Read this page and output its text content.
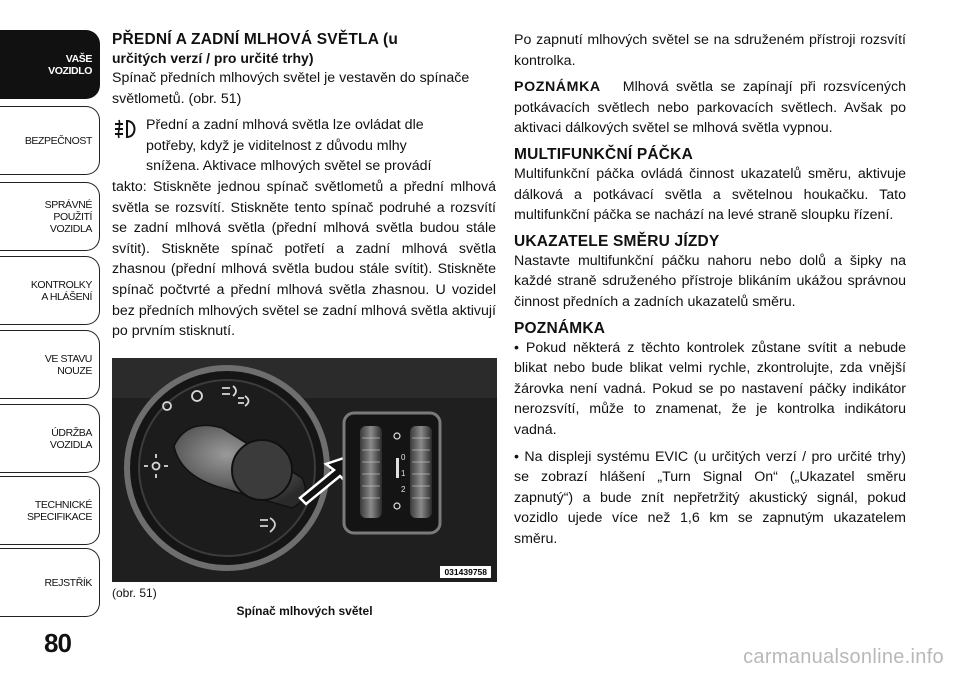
VAŠE
VOZIDLO
BEZPEČNOST
SPRÁVNÉ
POUŽITÍ
VOZIDLA
KONTROLKY
A HLÁŠENÍ
VE STAVU
NOUZE
ÚDRŽBA
VOZIDLA
TECHNICKÉ
SPECIFIKACE
REJSTŘÍK
80
PŘEDNÍ A ZADNÍ MLHOVÁ SVĚTLA (u
určitých verzí / pro určité trhy)

Spínač předních mlhových světel je vestavěn do spínače světlometů. (obr. 51)

Přední a zadní mlhová světla lze ovládat dle

potřeby, když je viditelnost z důvodu mlhy

snížena. Aktivace mlhových světel se provádí

takto: Stiskněte jednou spínač světlometů a přední mlhová světla se rozsvítí. Stiskněte tento spínač podruhé a rozsvítí se zadní mlhová světla (přední mlhová světla budou stále svítit). Stiskněte spínač potřetí a zadní mlhová světla zhasnou (přední mlhová světla budou stále svítit). Stiskněte spínač počtvrté a přední mlhová světla zhasnou. U vozidel bez předních mlhových světel se zadní mlhová světla aktivují po prvním stisknutí.

0
1
2
031439758
(obr. 51)
Spínač mlhových světel

Po zapnutí mlhových světel se na sdruženém přístroji rozsvítí kontrolka.

POZNÁMKA Mlhová světla se zapínají při rozsvícených potkávacích světlech nebo parkovacích světlech. Avšak po aktivaci dálkových světel se mlhová světla vypnou.

MULTIFUNKČNÍ PÁČKA

Multifunkční páčka ovládá činnost ukazatelů směru, aktivuje dálková a potkávací světla a světelnou houkačku. Tato multifunkční páčka se nachází na levé straně sloupku řízení.

UKAZATELE SMĚRU JÍZDY

Nastavte multifunkční páčku nahoru nebo dolů a šipky na každé straně sdruženého přístroje blikáním ukážou správnou činnost předních a zadních ukazatelů směru.

POZNÁMKA

• Pokud některá z těchto kontrolek zůstane svítit a nebude blikat nebo bude blikat velmi rychle, zkontrolujte, zda vnější žárovka není vadná. Pokud se po nastavení páčky indikátor nerozsvítí, může to znamenat, že je kontrolka indikátoru vadná.

• Na displeji systému EVIC (u určitých verzí / pro určité trhy) se zobrazí hlášení „Turn Signal On“ („Ukazatel směru zapnutý“) a bude znít nepřetržitý akustický signál, pokud vozidlo ujede více než 1,6 km se zapnutým ukazatelem směru.

carmanualsonline.info
